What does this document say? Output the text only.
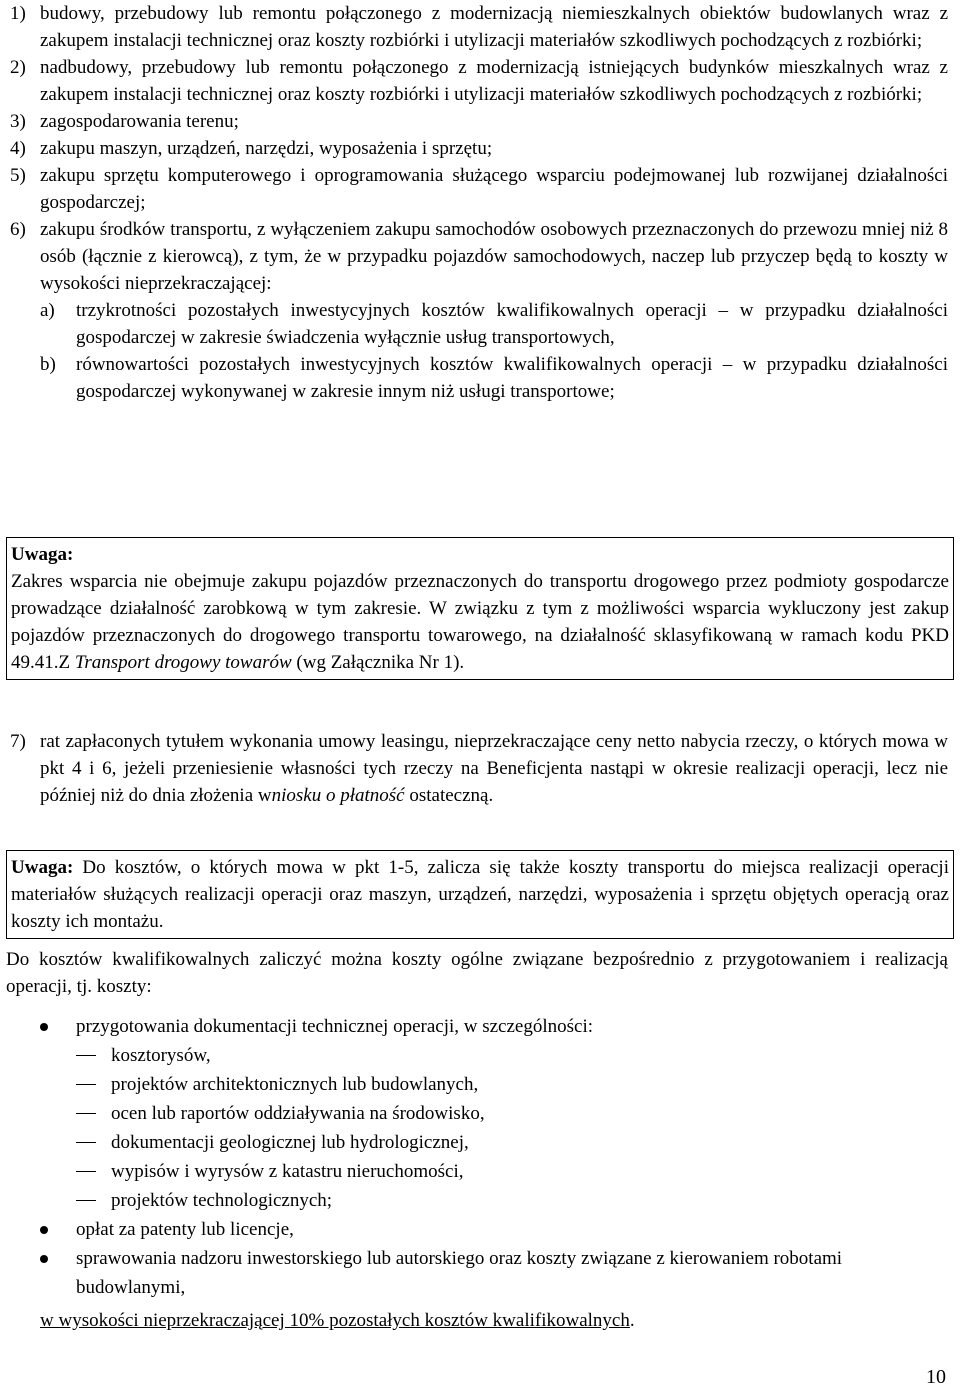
1) budowy, przebudowy lub remontu połączonego z modernizacją niemieszkalnych obiektów budowlanych wraz z zakupem instalacji technicznej oraz koszty rozbiórki i utylizacji materiałów szkodliwych pochodzących z rozbiórki;
2) nadbudowy, przebudowy lub remontu połączonego z modernizacją istniejących budynków mieszkalnych wraz z zakupem instalacji technicznej oraz koszty rozbiórki i utylizacji materiałów szkodliwych pochodzących z rozbiórki;
3) zagospodarowania terenu;
4) zakupu maszyn, urządzeń, narzędzi, wyposażenia i sprzętu;
5) zakupu sprzętu komputerowego i oprogramowania służącego wsparciu podejmowanej lub rozwijanej działalności gospodarczej;
6) zakupu środków transportu, z wyłączeniem zakupu samochodów osobowych przeznaczonych do przewozu mniej niż 8 osób (łącznie z kierowcą), z tym, że w przypadku pojazdów samochodowych, naczep lub przyczep będą to koszty w wysokości nieprzekraczającej:
a) trzykrotności pozostałych inwestycyjnych kosztów kwalifikowalnych operacji – w przypadku działalności gospodarczej w zakresie świadczenia wyłącznie usług transportowych,
b) równowartości pozostałych inwestycyjnych kosztów kwalifikowalnych operacji – w przypadku działalności gospodarczej wykonywanej w zakresie innym niż usługi transportowe;

Uwaga:

Zakres wsparcia nie obejmuje zakupu pojazdów przeznaczonych do transportu drogowego przez podmioty gospodarcze prowadzące działalność zarobkową w tym zakresie. W związku z tym z możliwości wsparcia wykluczony jest zakup pojazdów przeznaczonych do drogowego transportu towarowego, na działalność sklasyfikowaną w ramach kodu PKD 49.41.Z Transport drogowy towarów (wg Załącznika Nr 1).

7) rat zapłaconych tytułem wykonania umowy leasingu, nieprzekraczające ceny netto nabycia rzeczy, o których mowa w pkt 4 i 6, jeżeli przeniesienie własności tych rzeczy na Beneficjenta nastąpi w okresie realizacji operacji, lecz nie później niż do dnia złożenia wniosku o płatność ostateczną.

Uwaga: Do kosztów, o których mowa w pkt 1-5, zalicza się także koszty transportu do miejsca realizacji operacji materiałów służących realizacji operacji oraz maszyn, urządzeń, narzędzi, wyposażenia i sprzętu objętych operacją oraz koszty ich montażu.

Do kosztów kwalifikowalnych zaliczyć można koszty ogólne związane bezpośrednio z przygotowaniem i realizacją operacji, tj. koszty:

przygotowania dokumentacji technicznej operacji, w szczególności:
kosztorysów,
projektów architektonicznych lub budowlanych,
ocen lub raportów oddziaływania na środowisko,
dokumentacji geologicznej lub hydrologicznej,
wypisów i wyrysów z katastru nieruchomości,
projektów technologicznych;
opłat za patenty lub licencje,
sprawowania nadzoru inwestorskiego lub autorskiego oraz koszty związane z kierowaniem robotami budowlanymi,

w wysokości nieprzekraczającej 10% pozostałych kosztów kwalifikowalnych.

10
